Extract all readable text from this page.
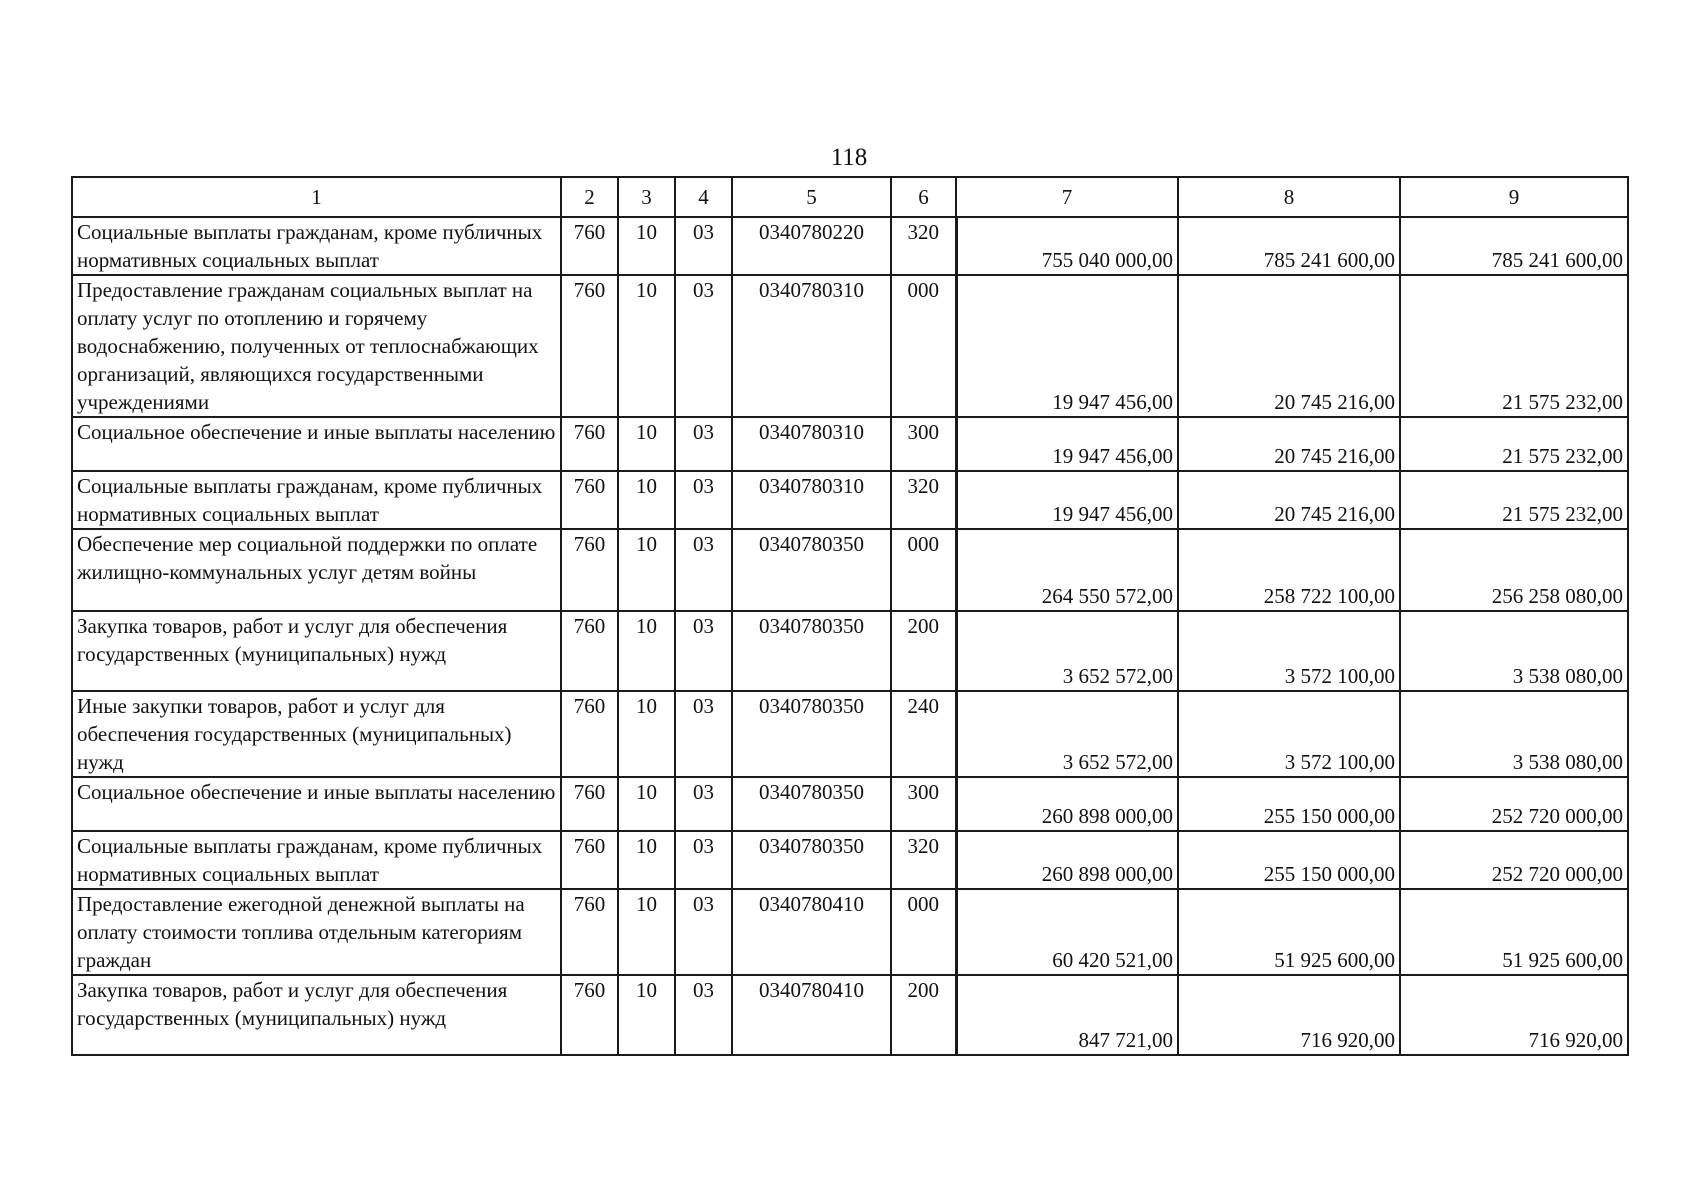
118
1	2	3	4	5	6	7	8	9
Социальные выплаты гражданам, кроме публичных нормативных социальных выплат	760	10	03	0340780220	320	755 040 000,00	785 241 600,00	785 241 600,00
Предоставление гражданам социальных выплат на оплату услуг по отоплению и горячему водоснабжению, полученных от теплоснабжающих организаций, являющихся государственными учреждениями	760	10	03	0340780310	000	19 947 456,00	20 745 216,00	21 575 232,00
Социальное обеспечение и иные выплаты населению	760	10	03	0340780310	300	19 947 456,00	20 745 216,00	21 575 232,00
Социальные выплаты гражданам, кроме публичных нормативных социальных выплат	760	10	03	0340780310	320	19 947 456,00	20 745 216,00	21 575 232,00
Обеспечение мер социальной поддержки по оплате жилищно-коммунальных услуг детям войны	760	10	03	0340780350	000	264 550 572,00	258 722 100,00	256 258 080,00
Закупка товаров, работ и услуг для обеспечения государственных (муниципальных) нужд	760	10	03	0340780350	200	3 652 572,00	3 572 100,00	3 538 080,00
Иные закупки товаров, работ и услуг для обеспечения государственных (муниципальных) нужд	760	10	03	0340780350	240	3 652 572,00	3 572 100,00	3 538 080,00
Социальное обеспечение и иные выплаты населению	760	10	03	0340780350	300	260 898 000,00	255 150 000,00	252 720 000,00
Социальные выплаты гражданам, кроме публичных нормативных социальных выплат	760	10	03	0340780350	320	260 898 000,00	255 150 000,00	252 720 000,00
Предоставление ежегодной денежной выплаты на оплату стоимости топлива отдельным категориям граждан	760	10	03	0340780410	000	60 420 521,00	51 925 600,00	51 925 600,00
Закупка товаров, работ и услуг для обеспечения государственных (муниципальных) нужд	760	10	03	0340780410	200	847 721,00	716 920,00	716 920,00
